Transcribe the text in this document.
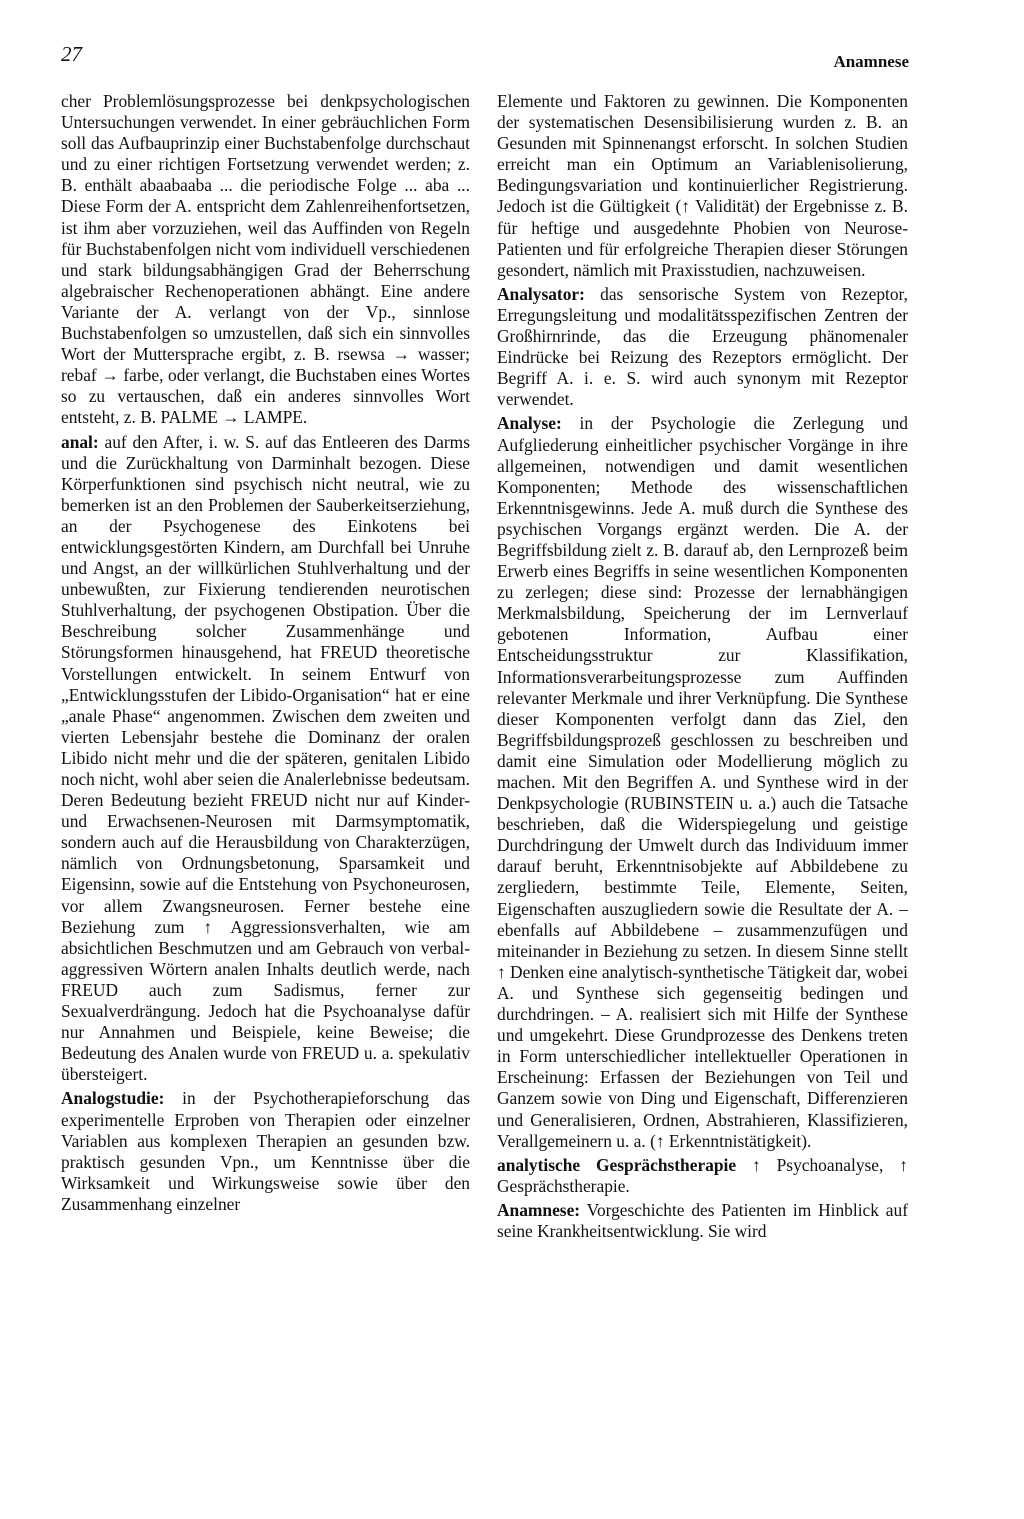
27	Anamnese

cher Problemlösungsprozesse bei denkpsychologischen Untersuchungen verwendet. In einer gebräuchlichen Form soll das Aufbauprinzip einer Buchstabenfolge durchschaut und zu einer richtigen Fortsetzung verwendet werden; z. B. enthält abaabaaba ... die periodische Folge ... aba ... Diese Form der A. entspricht dem Zahlenreihenfortsetzen, ist ihm aber vorzuziehen, weil das Auffinden von Regeln für Buchstabenfolgen nicht vom individuell verschiedenen und stark bildungsabhängigen Grad der Beherrschung algebraischer Rechenoperationen abhängt. Eine andere Variante der A. verlangt von der Vp., sinnlose Buchstabenfolgen so umzustellen, daß sich ein sinnvolles Wort der Muttersprache ergibt, z. B. rsewsa → wasser; rebaf → farbe, oder verlangt, die Buchstaben eines Wortes so zu vertauschen, daß ein anderes sinnvolles Wort entsteht, z. B. PALME → LAMPE.

anal: auf den After, i. w. S. auf das Entleeren des Darms und die Zurückhaltung von Darminhalt bezogen. Diese Körperfunktionen sind psychisch nicht neutral, wie zu bemerken ist an den Problemen der Sauberkeitserziehung, an der Psychogenese des Einkotens bei entwicklungsgestörten Kindern, am Durchfall bei Unruhe und Angst, an der willkürlichen Stuhlverhaltung und der unbewußten, zur Fixierung tendierenden neurotischen Stuhlverhaltung, der psychogenen Obstipation. Über die Beschreibung solcher Zusammenhänge und Störungsformen hinausgehend, hat FREUD theoretische Vorstellungen entwickelt. In seinem Entwurf von „Entwicklungsstufen der Libido-Organisation“ hat er eine „anale Phase“ angenommen. Zwischen dem zweiten und vierten Lebensjahr bestehe die Dominanz der oralen Libido nicht mehr und die der späteren, genitalen Libido noch nicht, wohl aber seien die Analerlebnisse bedeutsam. Deren Bedeutung bezieht FREUD nicht nur auf Kinder- und Erwachsenen-Neurosen mit Darmsymptomatik, sondern auch auf die Herausbildung von Charakterzügen, nämlich von Ordnungsbetonung, Sparsamkeit und Eigensinn, sowie auf die Entstehung von Psychoneurosen, vor allem Zwangsneurosen. Ferner bestehe eine Beziehung zum ↑ Aggressionsverhalten, wie am absichtlichen Beschmutzen und am Gebrauch von verbal-aggressiven Wörtern analen Inhalts deutlich werde, nach FREUD auch zum Sadismus, ferner zur Sexualverdrängung. Jedoch hat die Psychoanalyse dafür nur Annahmen und Beispiele, keine Beweise; die Bedeutung des Analen wurde von FREUD u. a. spekulativ übersteigert.

Analogstudie: in der Psychotherapieforschung das experimentelle Erproben von Therapien oder einzelner Variablen aus komplexen Therapien an gesunden bzw. praktisch gesunden Vpn., um Kenntnisse über die Wirksamkeit und Wirkungsweise sowie über den Zusammenhang einzelner

Elemente und Faktoren zu gewinnen. Die Komponenten der systematischen Desensibilisierung wurden z. B. an Gesunden mit Spinnenangst erforscht. In solchen Studien erreicht man ein Optimum an Variablenisolierung, Bedingungsvariation und kontinuierlicher Registrierung. Jedoch ist die Gültigkeit (↑ Validität) der Ergebnisse z. B. für heftige und ausgedehnte Phobien von Neurose-Patienten und für erfolgreiche Therapien dieser Störungen gesondert, nämlich mit Praxisstudien, nachzuweisen.

Analysator: das sensorische System von Rezeptor, Erregungsleitung und modalitätsspezifischen Zentren der Großhirnrinde, das die Erzeugung phänomenaler Eindrücke bei Reizung des Rezeptors ermöglicht. Der Begriff A. i. e. S. wird auch synonym mit Rezeptor verwendet.

Analyse: in der Psychologie die Zerlegung und Aufgliederung einheitlicher psychischer Vorgänge in ihre allgemeinen, notwendigen und damit wesentlichen Komponenten; Methode des wissenschaftlichen Erkenntnisgewinns. Jede A. muß durch die Synthese des psychischen Vorgangs ergänzt werden. Die A. der Begriffsbildung zielt z. B. darauf ab, den Lernprozeß beim Erwerb eines Begriffs in seine wesentlichen Komponenten zu zerlegen; diese sind: Prozesse der lernabhängigen Merkmalsbildung, Speicherung der im Lernverlauf gebotenen Information, Aufbau einer Entscheidungsstruktur zur Klassifikation, Informationsverarbeitungsprozesse zum Auffinden relevanter Merkmale und ihrer Verknüpfung. Die Synthese dieser Komponenten verfolgt dann das Ziel, den Begriffsbildungsprozeß geschlossen zu beschreiben und damit eine Simulation oder Modellierung möglich zu machen. Mit den Begriffen A. und Synthese wird in der Denkpsychologie (RUBINSTEIN u. a.) auch die Tatsache beschrieben, daß die Widerspiegelung und geistige Durchdringung der Umwelt durch das Individuum immer darauf beruht, Erkenntnisobjekte auf Abbildebene zu zergliedern, bestimmte Teile, Elemente, Seiten, Eigenschaften auszugliedern sowie die Resultate der A. – ebenfalls auf Abbildebene – zusammenzufügen und miteinander in Beziehung zu setzen. In diesem Sinne stellt ↑ Denken eine analytisch-synthetische Tätigkeit dar, wobei A. und Synthese sich gegenseitig bedingen und durchdringen. – A. realisiert sich mit Hilfe der Synthese und umgekehrt. Diese Grundprozesse des Denkens treten in Form unterschiedlicher intellektueller Operationen in Erscheinung: Erfassen der Beziehungen von Teil und Ganzem sowie von Ding und Eigenschaft, Differenzieren und Generalisieren, Ordnen, Abstrahieren, Klassifizieren, Verallgemeinern u. a. (↑ Erkenntnistätigkeit).

analytische Gesprächstherapie ↑ Psychoanalyse, ↑ Gesprächstherapie.

Anamnese: Vorgeschichte des Patienten im Hinblick auf seine Krankheitsentwicklung. Sie wird
